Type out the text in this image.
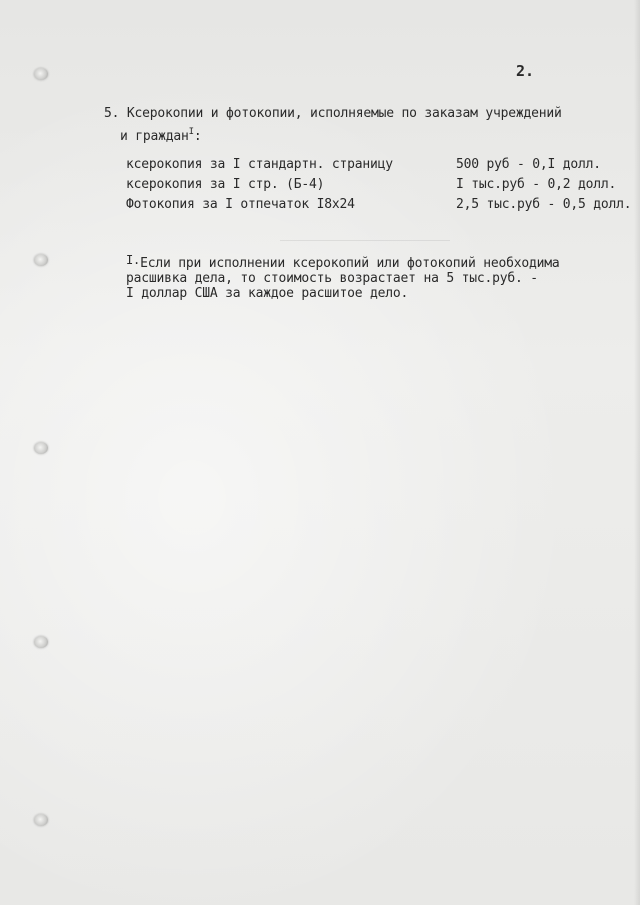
2.
5. Ксерокопии и фотокопии, исполняемые по заказам учреждений
и граждан$^I$:
ксерокопия за I стандартн. страницу	500 руб - 0,I долл.
ксерокопия за I стр. (Б-4)	I тыс.руб - 0,2 долл.
Фотокопия за I отпечаток I8x24	2,5 тыс.руб - 0,5 долл.
I.Если при исполнении ксерокопий или фотокопий необходима
расшивка дела, то стоимость возрастает на 5 тыс.руб. -
I доллар США за каждое расшитое дело.
